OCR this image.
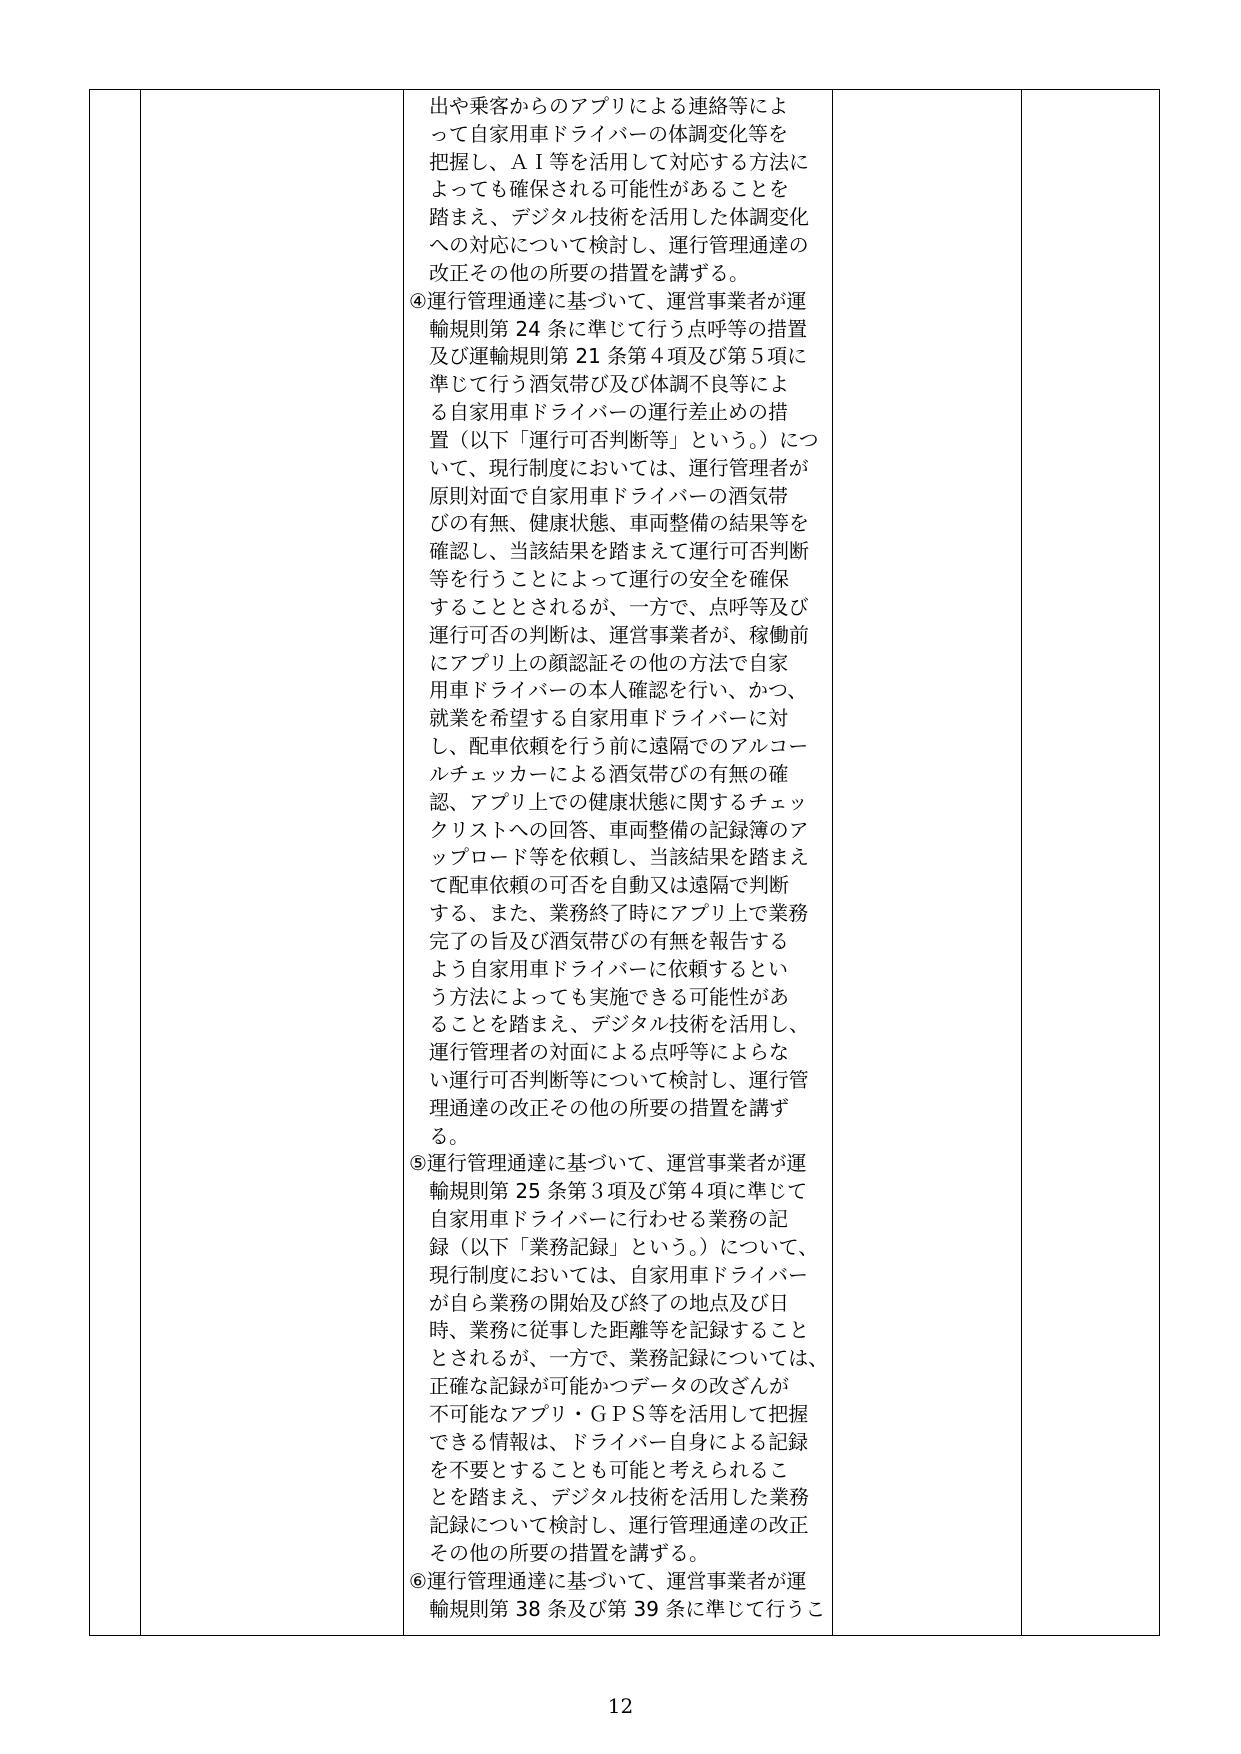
出や乗客からのアプリによる連絡等によ
って自家用車ドライバーの体調変化等を
把握し、ＡＩ等を活用して対応する方法に
よっても確保される可能性があることを
踏まえ、デジタル技術を活用した体調変化
への対応について検討し、運行管理通達の
改正その他の所要の措置を講ずる。
④運行管理通達に基づいて、運営事業者が運
輸規則第 24 条に準じて行う点呼等の措置
及び運輸規則第 21 条第４項及び第５項に
準じて行う酒気帯び及び体調不良等によ
る自家用車ドライバーの運行差止めの措
置（以下「運行可否判断等」という。）につ
いて、現行制度においては、運行管理者が
原則対面で自家用車ドライバーの酒気帯
びの有無、健康状態、車両整備の結果等を
確認し、当該結果を踏まえて運行可否判断
等を行うことによって運行の安全を確保
することとされるが、一方で、点呼等及び
運行可否の判断は、運営事業者が、稼働前
にアプリ上の顔認証その他の方法で自家
用車ドライバーの本人確認を行い、かつ、
就業を希望する自家用車ドライバーに対
し、配車依頼を行う前に遠隔でのアルコー
ルチェッカーによる酒気帯びの有無の確
認、アプリ上での健康状態に関するチェッ
クリストへの回答、車両整備の記録簿のア
ップロード等を依頼し、当該結果を踏まえ
て配車依頼の可否を自動又は遠隔で判断
する、また、業務終了時にアプリ上で業務
完了の旨及び酒気帯びの有無を報告する
よう自家用車ドライバーに依頼するとい
う方法によっても実施できる可能性があ
ることを踏まえ、デジタル技術を活用し、
運行管理者の対面による点呼等によらな
い運行可否判断等について検討し、運行管
理通達の改正その他の所要の措置を講ず
る。
⑤運行管理通達に基づいて、運営事業者が運
輸規則第 25 条第３項及び第４項に準じて
自家用車ドライバーに行わせる業務の記
録（以下「業務記録」という。）について、
現行制度においては、自家用車ドライバー
が自ら業務の開始及び終了の地点及び日
時、業務に従事した距離等を記録すること
とされるが、一方で、業務記録については、
正確な記録が可能かつデータの改ざんが
不可能なアプリ・ＧＰＳ等を活用して把握
できる情報は、ドライバー自身による記録
を不要とすることも可能と考えられるこ
とを踏まえ、デジタル技術を活用した業務
記録について検討し、運行管理通達の改正
その他の所要の措置を講ずる。
⑥運行管理通達に基づいて、運営事業者が運
輸規則第 38 条及び第 39 条に準じて行うこ
12
